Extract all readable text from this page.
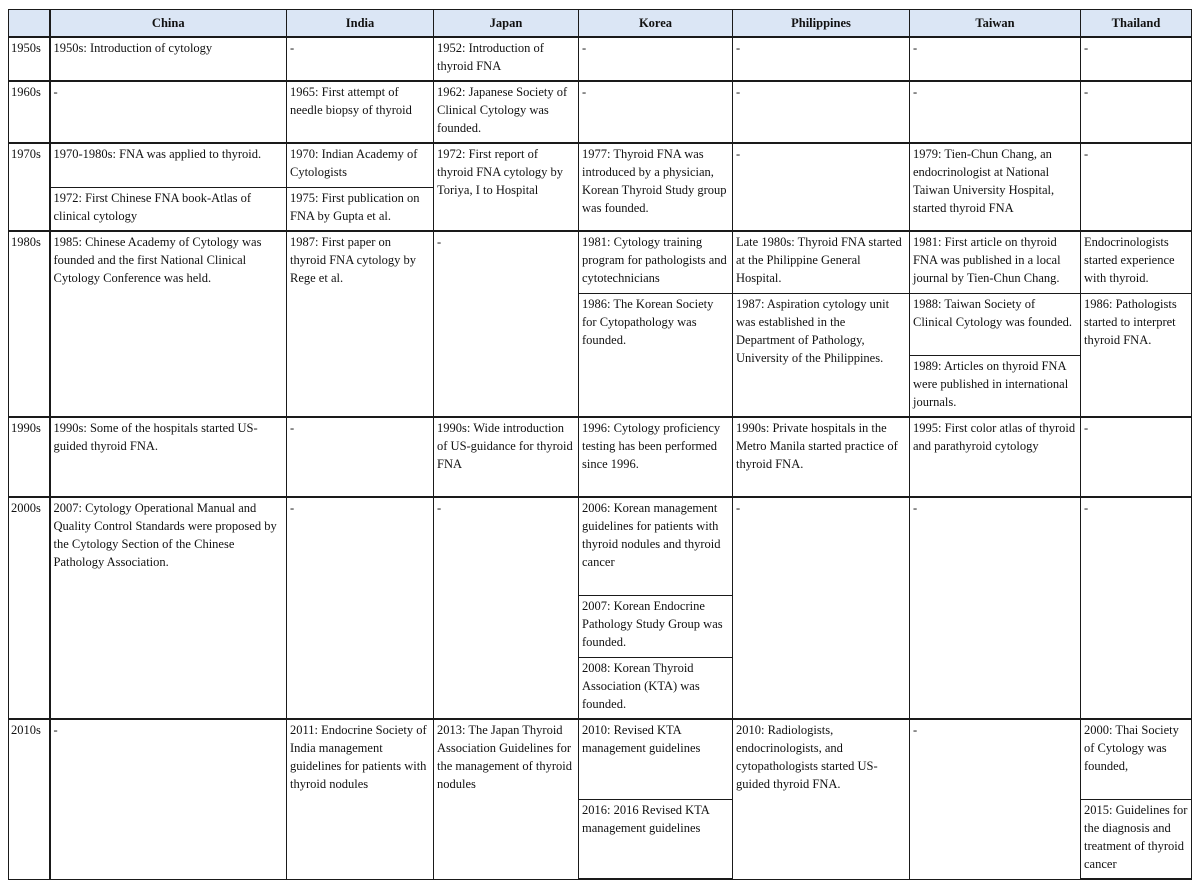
	China	India	Japan	Korea	Philippines	Taiwan	Thailand
1950s	1950s: Introduction of cytology	-	1952: Introduction of thyroid FNA	-	-	-	-
1960s	-	1965: First attempt of needle biopsy of thyroid	1962: Japanese Society of Clinical Cytology was founded.	-	-	-	-
1970s	1970-1980s: FNA was applied to thyroid.	1970: Indian Academy of Cytologists	1972: First report of thyroid FNA cytology by Toriya, I to Hospital	1977: Thyroid FNA was introduced by a physician, Korean Thyroid Study group was founded.	-	1979: Tien-Chun Chang, an endocrinologist at National Taiwan University Hospital, started thyroid FNA	-
	1972: First Chinese FNA book-Atlas of clinical cytology	1975: First publication on FNA by Gupta et al.					
1980s	1985: Chinese Academy of Cytology was founded and the first National Clinical Cytology Conference was held.	1987: First paper on thyroid FNA cytology by Rege et al.	-	1981: Cytology training program for pathologists and cytotechnicians	Late 1980s: Thyroid FNA started at the Philippine General Hospital.	1981: First article on thyroid FNA was published in a local journal by Tien-Chun Chang.	Endocrinologists started experience with thyroid.
				1986: The Korean Society for Cytopathology was founded.	1987: Aspiration cytology unit was established in the Department of Pathology, University of the Philippines.	1988: Taiwan Society of Clinical Cytology was founded.	1986: Pathologists started to interpret thyroid FNA.
						1989: Articles on thyroid FNA were published in international journals.	
1990s	1990s: Some of the hospitals started US-guided thyroid FNA.	-	1990s: Wide introduction of US-guidance for thyroid FNA	1996: Cytology proficiency testing has been performed since 1996.	1990s: Private hospitals in the Metro Manila started practice of thyroid FNA.	1995: First color atlas of thyroid and parathyroid cytology	-
2000s	2007: Cytology Operational Manual and Quality Control Standards were proposed by the Cytology Section of the Chinese Pathology Association.	-	-	2006: Korean management guidelines for patients with thyroid nodules and thyroid cancer	-	-	-
				2007: Korean Endocrine Pathology Study Group was founded.			
				2008: Korean Thyroid Association (KTA) was founded.			
2010s	-	2011: Endocrine Society of India management guidelines for patients with thyroid nodules	2013: The Japan Thyroid Association Guidelines for the management of thyroid nodules	2010: Revised KTA management guidelines	2010: Radiologists, endocrinologists, and cytopathologists started US-guided thyroid FNA.	-	2000: Thai Society of Cytology was founded,
				2016: 2016 Revised KTA management guidelines			2015: Guidelines for the diagnosis and treatment of thyroid cancer
